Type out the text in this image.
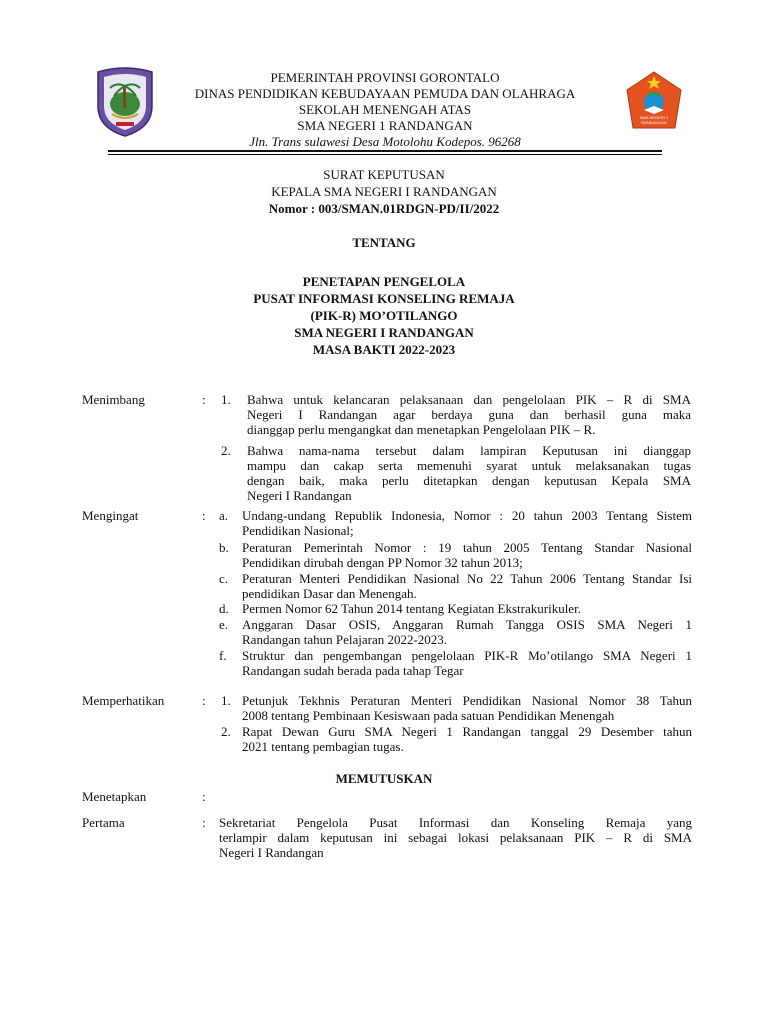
SMA NEGERI 1 RANDANGAN
PEMERINTAH PROVINSI GORONTALO
DINAS PENDIDIKAN KEBUDAYAAN PEMUDA DAN OLAHRAGA
SEKOLAH MENENGAH ATAS
SMA NEGERI 1 RANDANGAN
Jln. Trans sulawesi Desa Motolohu Kodepos. 96268
SURAT KEPUTUSAN
KEPALA SMA NEGERI I RANDANGAN
Nomor : 003/SMAN.01RDGN-PD/II/2022
TENTANG
PENETAPAN PENGELOLA
PUSAT INFORMASI KONSELING REMAJA
(PIK-R) MO’OTILANGO
SMA NEGERI I RANDANGAN
MASA BAKTI 2022-2023
Menimbang	: 1. Bahwa untuk kelancaran pelaksanaan dan pengelolaan PIK – R di SMA
Negeri I Randangan agar berdaya guna dan berhasil guna maka
dianggap perlu mengangkat dan menetapkan Pengelolaan PIK – R.
2. Bahwa nama-nama tersebut dalam lampiran Keputusan ini dianggap
mampu dan cakap serta memenuhi syarat untuk melaksanakan tugas
dengan baik, maka perlu ditetapkan dengan keputusan Kepala SMA
Negeri I Randangan
Mengingat	: a. Undang-undang Republik Indonesia, Nomor : 20 tahun 2003 Tentang Sistem
Pendidikan Nasional;
b. Peraturan Pemerintah Nomor : 19 tahun 2005 Tentang Standar Nasional
Pendidikan dirubah dengan PP Nomor 32 tahun 2013;
c. Peraturan Menteri Pendidikan Nasional No 22 Tahun 2006 Tentang Standar Isi
pendidikan Dasar dan Menengah.
d. Permen Nomor 62 Tahun 2014 tentang Kegiatan Ekstrakurikuler.
e. Anggaran Dasar OSIS, Anggaran Rumah Tangga OSIS SMA Negeri 1
Randangan tahun Pelajaran 2022-2023.
f. Struktur dan pengembangan pengelolaan PIK-R Mo’otilango SMA Negeri 1
Randangan sudah berada pada tahap Tegar
Memperhatikan	: 1. Petunjuk Tekhnis Peraturan Menteri Pendidikan Nasional Nomor 38 Tahun
2008 tentang Pembinaan Kesiswaan pada satuan Pendidikan Menengah
2. Rapat Dewan Guru SMA Negeri 1 Randangan tanggal 29 Desember tahun
2021 tentang pembagian tugas.
MEMUTUSKAN
Menetapkan	:
Pertama	: Sekretariat Pengelola Pusat Informasi dan Konseling Remaja yang
terlampir dalam keputusan ini sebagai lokasi pelaksanaan PIK – R di SMA
Negeri I Randangan
